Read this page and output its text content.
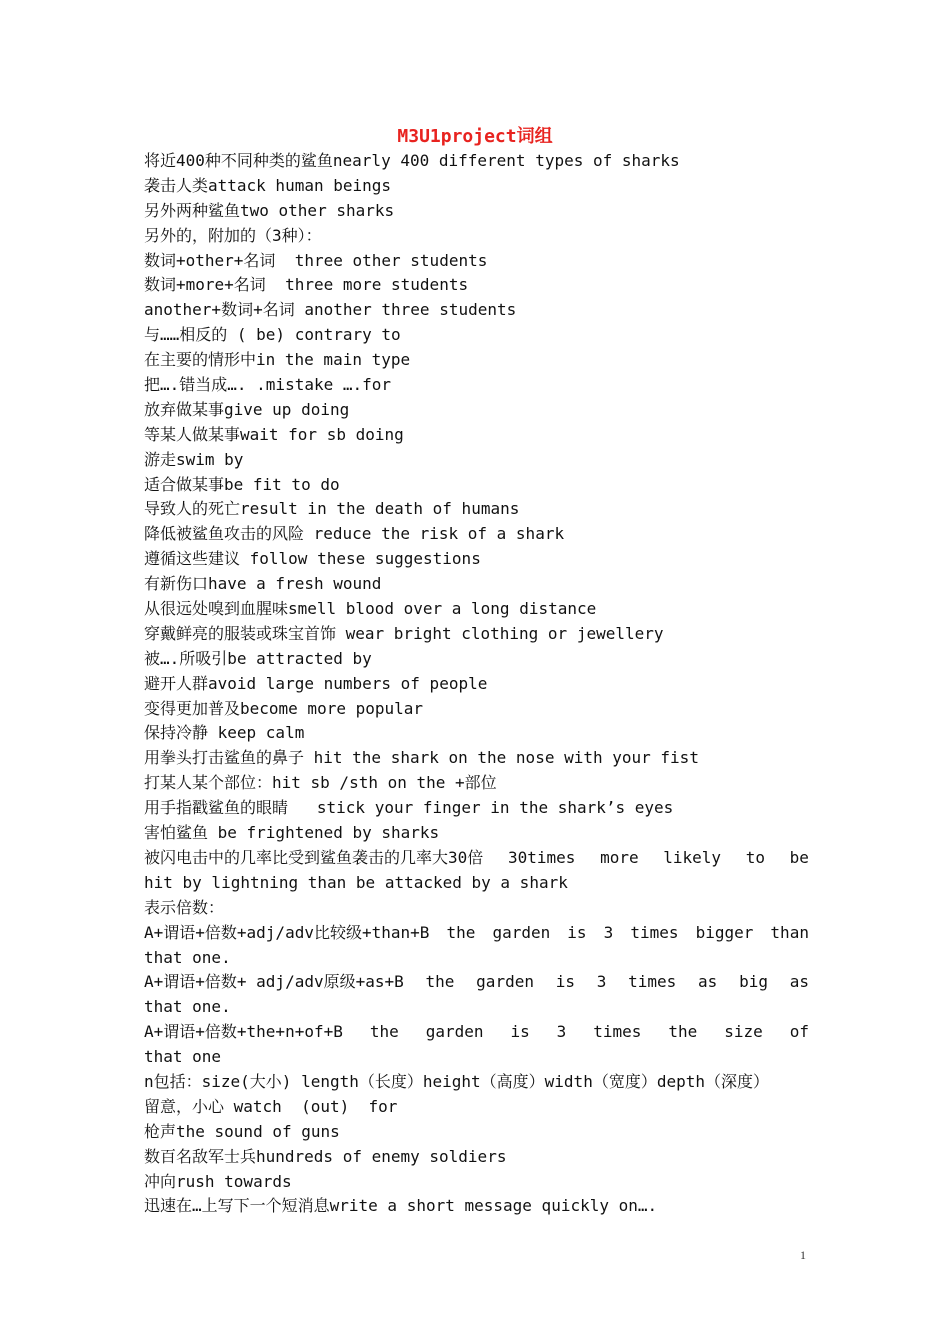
M3U1project词组
将近400种不同种类的鲨鱼nearly 400 different types of sharks
袭击人类attack human beings
另外两种鲨鱼two other sharks
另外的，附加的（3种）：
数词+other+名词  three other students
数词+more+名词  three more students
another+数词+名词 another three students
与……相反的 ( be) contrary to
在主要的情形中in the main type
把….错当成…. .mistake ….for
放弃做某事give up doing
等某人做某事wait for sb doing
游走swim by
适合做某事be fit to do
导致人的死亡result in the death of humans
降低被鲨鱼攻击的风险 reduce the risk of a shark
遵循这些建议 follow these suggestions
有新伤口have a fresh wound
从很远处嗅到血腥味smell blood over a long distance
穿戴鲜亮的服装或珠宝首饰 wear bright clothing or jewellery
被….所吸引be attracted by
避开人群avoid large numbers of people
变得更加普及become more popular
保持冷静 keep calm
用拳头打击鲨鱼的鼻子 hit the shark on the nose with your fist
打某人某个部位：hit sb /sth on the +部位
用手指戳鲨鱼的眼睛   stick your finger in the shark’s eyes
害怕鲨鱼 be frightened by sharks
被闪电击中的几率比受到鲨鱼袭击的几率大30倍 30times more likely to be
hit by lightning than be attacked by a shark
表示倍数：
A+谓语+倍数+adj/adv比较级+than+B the garden is 3 times bigger than
that one.
A+谓语+倍数+ adj/adv原级+as+B the garden is 3 times as big as
that one.
A+谓语+倍数+the+n+of+B the garden is 3 times the size of
that one
n包括：size(大小) length（长度）height（高度）width（宽度）depth（深度）
留意，小心 watch  (out)  for
枪声the sound of guns
数百名敌军士兵hundreds of enemy soldiers
冲向rush towards
迅速在…上写下一个短消息write a short message quickly on….
1
